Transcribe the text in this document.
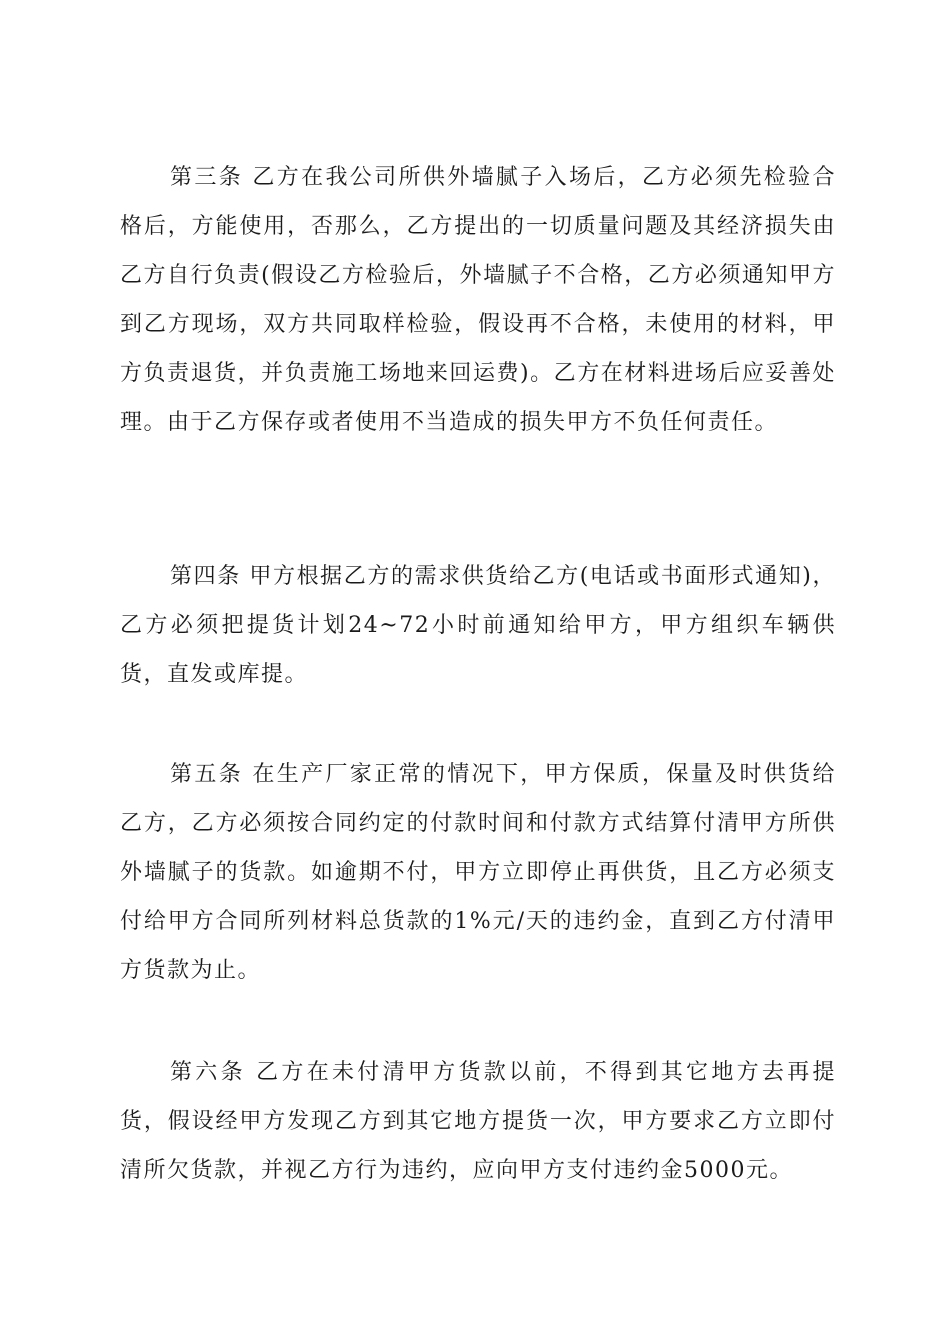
第三条 乙方在我公司所供外墙腻子入场后，乙方必须先检验合格后，方能使用，否那么，乙方提出的一切质量问题及其经济损失由乙方自行负责(假设乙方检验后，外墙腻子不合格，乙方必须通知甲方到乙方现场，双方共同取样检验，假设再不合格，未使用的材料，甲方负责退货，并负责施工场地来回运费)。乙方在材料进场后应妥善处理。由于乙方保存或者使用不当造成的损失甲方不负任何责任。

第四条 甲方根据乙方的需求供货给乙方(电话或书面形式通知)，乙方必须把提货计划24~72小时前通知给甲方，甲方组织车辆供货，直发或库提。

第五条 在生产厂家正常的情况下，甲方保质，保量及时供货给乙方，乙方必须按合同约定的付款时间和付款方式结算付清甲方所供外墙腻子的货款。如逾期不付，甲方立即停止再供货，且乙方必须支付给甲方合同所列材料总货款的1%元/天的违约金，直到乙方付清甲方货款为止。

第六条 乙方在未付清甲方货款以前，不得到其它地方去再提货，假设经甲方发现乙方到其它地方提货一次，甲方要求乙方立即付清所欠货款，并视乙方行为违约，应向甲方支付违约金5000元。
